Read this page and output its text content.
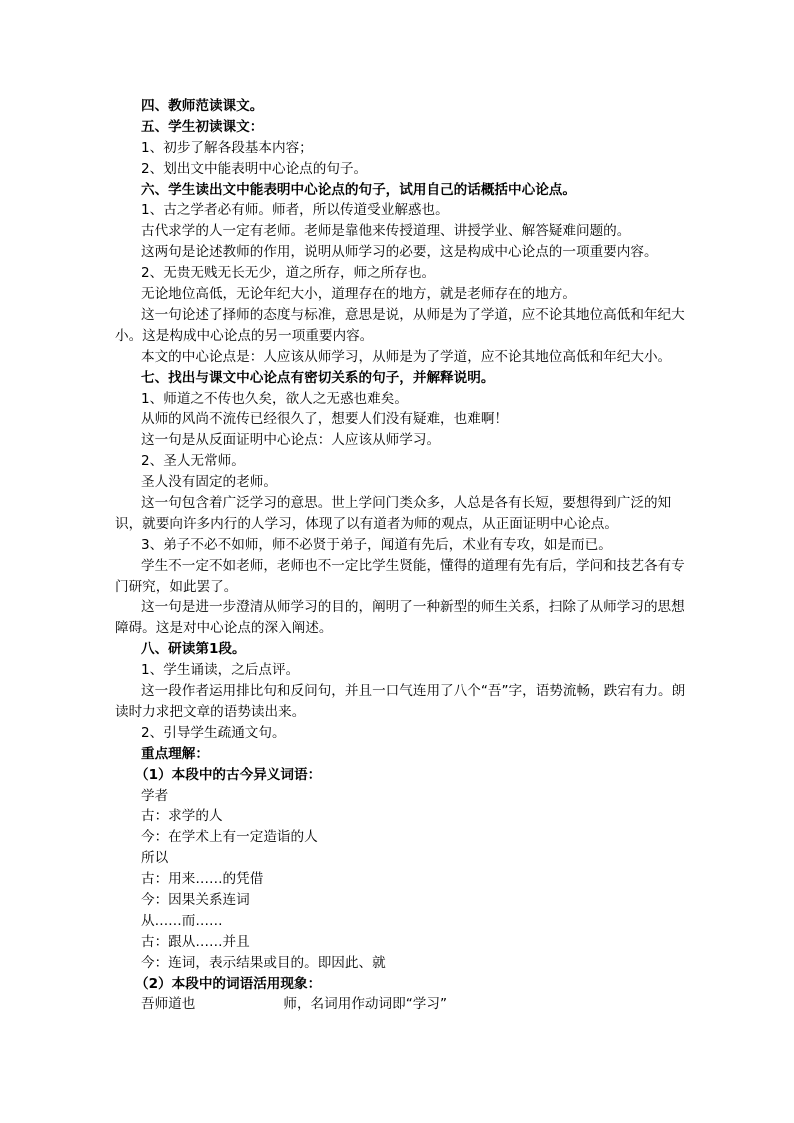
四、教师范读课文。
五、学生初读课文：
1、初步了解各段基本内容；
2、划出文中能表明中心论点的句子。
六、学生读出文中能表明中心论点的句子，试用自己的话概括中心论点。
1、古之学者必有师。师者，所以传道受业解惑也。
古代求学的人一定有老师。老师是靠他来传授道理、讲授学业、解答疑难问题的。
这两句是论述教师的作用，说明从师学习的必要，这是构成中心论点的一项重要内容。
2、无贵无贱无长无少，道之所存，师之所存也。
无论地位高低，无论年纪大小，道理存在的地方，就是老师存在的地方。
这一句论述了择师的态度与标准，意思是说，从师是为了学道，应不论其地位高低和年纪大小。这是构成中心论点的另一项重要内容。
本文的中心论点是：人应该从师学习，从师是为了学道，应不论其地位高低和年纪大小。
七、找出与课文中心论点有密切关系的句子，并解释说明。
1、师道之不传也久矣，欲人之无惑也难矣。
从师的风尚不流传已经很久了，想要人们没有疑难，也难啊！
这一句是从反面证明中心论点：人应该从师学习。
2、圣人无常师。
圣人没有固定的老师。
这一句包含着广泛学习的意思。世上学问门类众多，人总是各有长短，要想得到广泛的知识，就要向许多内行的人学习，体现了以有道者为师的观点，从正面证明中心论点。
3、弟子不必不如师，师不必贤于弟子，闻道有先后，术业有专攻，如是而已。
学生不一定不如老师，老师也不一定比学生贤能，懂得的道理有先有后，学问和技艺各有专门研究，如此罢了。
这一句是进一步澄清从师学习的目的，阐明了一种新型的师生关系，扫除了从师学习的思想障碍。这是对中心论点的深入阐述。
八、研读第1段。
1、学生诵读，之后点评。
这一段作者运用排比句和反问句，并且一口气连用了八个“吾”字，语势流畅，跌宕有力。朗读时力求把文章的语势读出来。
2、引导学生疏通文句。
重点理解：
（1）本段中的古今异义词语：
学者
古：求学的人
今：在学术上有一定造诣的人
所以
古：用来……的凭借
今：因果关系连词
从……而……
古：跟从……并且
今：连词，表示结果或目的。即因此、就
（2）本段中的词语活用现象：
吾师道也	师，名词用作动词即“学习”
